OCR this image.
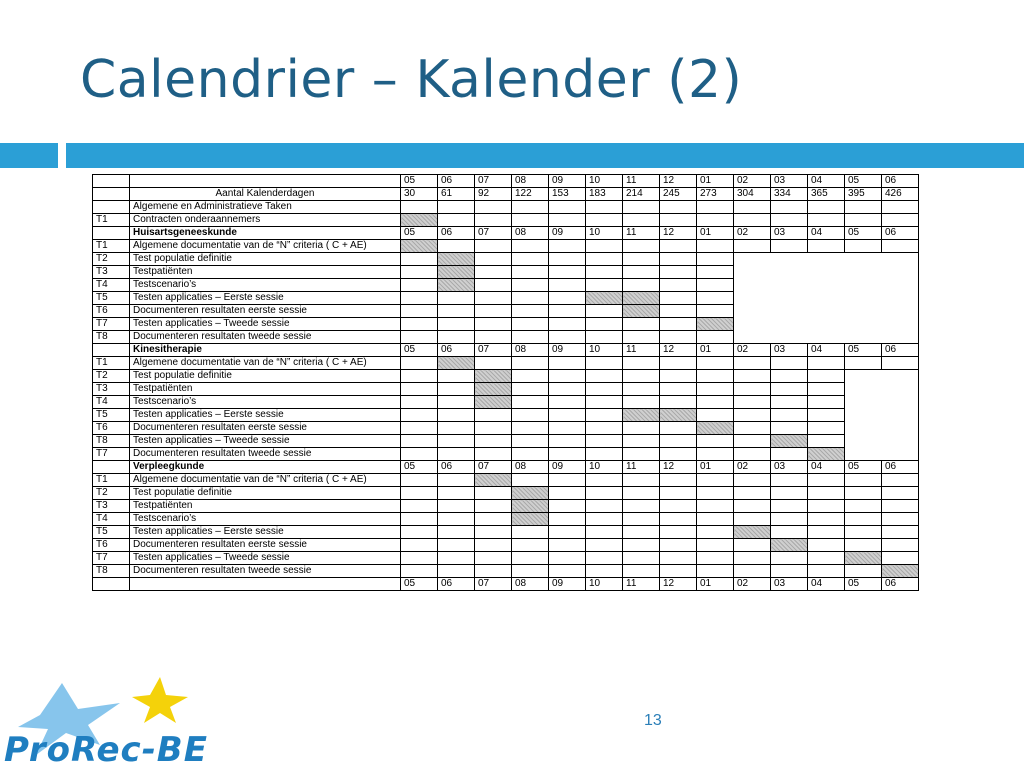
Calendrier – Kalender (2)
		05	06	07	08	09	10	11	12	01	02	03	04	05	06
	Aantal Kalenderdagen	30	61	92	122	153	183	214	245	273	304	334	365	395	426
	Algemene en Administratieve Taken														
T1	Contracten onderaannemers														
	Huisartsgeneeskunde	05	06	07	08	09	10	11	12	01	02	03	04	05	06
T1	Algemene documentatie van de “N” criteria ( C + AE)														
T2	Test populatie definitie														
T3	Testpatiënten														
T4	Testscenario’s														
T5	Testen applicaties – Eerste sessie														
T6	Documenteren resultaten eerste sessie														
T7	Testen applicaties – Tweede sessie														
T8	Documenteren resultaten tweede sessie														
	Kinesitherapie	05	06	07	08	09	10	11	12	01	02	03	04	05	06
T1	Algemene documentatie van de “N” criteria ( C + AE)														
T2	Test populatie definitie														
T3	Testpatiënten														
T4	Testscenario’s														
T5	Testen applicaties – Eerste sessie														
T6	Documenteren resultaten eerste sessie														
T8	Testen applicaties – Tweede sessie														
T7	Documenteren resultaten tweede sessie														
	Verpleegkunde	05	06	07	08	09	10	11	12	01	02	03	04	05	06
T1	Algemene documentatie van de “N” criteria ( C + AE)														
T2	Test populatie definitie														
T3	Testpatiënten														
T4	Testscenario’s														
T5	Testen applicaties – Eerste sessie														
T6	Documenteren resultaten eerste sessie														
T7	Testen applicaties – Tweede sessie														
T8	Documenteren resultaten tweede sessie														
		05	06	07	08	09	10	11	12	01	02	03	04	05	06
13
ProRec-BE
